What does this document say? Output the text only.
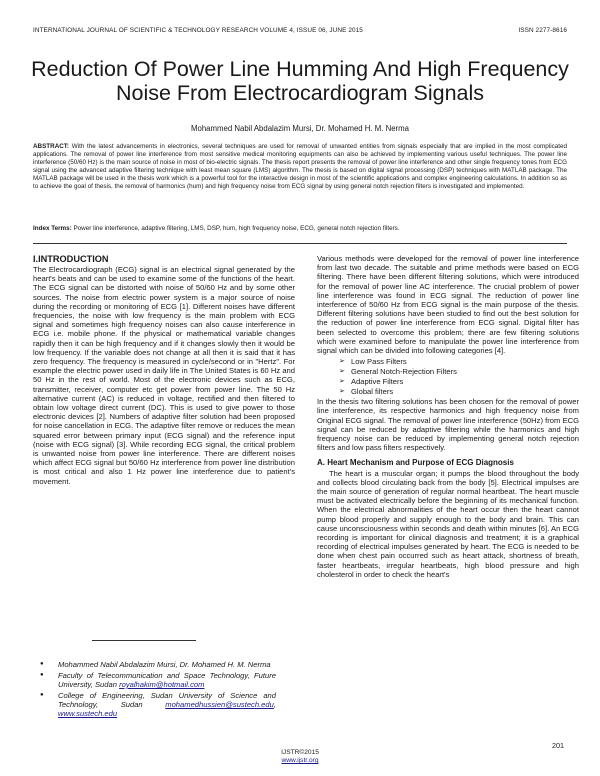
INTERNATIONAL JOURNAL OF SCIENTIFIC & TECHNOLOGY RESEARCH VOLUME 4, ISSUE 06, JUNE 2015	ISSN 2277-8616
Reduction Of Power Line Humming And High Frequency Noise From Electrocardiogram Signals
Mohammed Nabil Abdalazim Mursi, Dr. Mohamed H. M. Nerma
ABSTRACT: With the latest advancements in electronics, several techniques are used for removal of unwanted entities from signals especially that are implied in the most complicated applications. The removal of power line interference from most sensitive medical monitoring equipments can also be achieved by implementing various useful techniques. The power line interference (50/60 Hz) is the main source of noise in most of bio-electric signals. The thesis report presents the removal of power line interference and other single frequency tones from ECG signal using the advanced adaptive filtering technique with least mean square (LMS) algorithm. The thesis is based on digital signal processing (DSP) techniques with MATLAB package. The MATLAB package will be used in the thesis work which is a powerful tool for the interactive design in most of the scientific applications and complex engineering calculations. In addition so as to achieve the goal of thesis, the removal of harmonics (hum) and high frequency noise from ECG signal by using general notch rejection filters is investigated and implemented.
Index Terms: Power line interference, adaptive filtering, LMS, DSP, hum, high frequency noise, ECG, general notch rejection filters.
I.INTRODUCTION

The Electrocardiograph (ECG) signal is an electrical signal generated by the heart's beats and can be used to examine some of the functions of the heart. The ECG signal can be distorted with noise of 50/60 Hz and by some other sources. The noise from electric power system is a major source of noise during the recording or monitoring of ECG [1]. Different noises have different frequencies, the noise with low frequency is the main problem with ECG signal and sometimes high frequency noises can also cause interference in ECG i.e. mobile phone. If the physical or mathematical variable changes rapidly then it can be high frequency and if it changes slowly then it would be low frequency. If the variable does not change at all then it is said that it has zero frequency. The frequency is measured in cycle/second or in "Hertz". For example the electric power used in daily life in The United States is 60 Hz and 50 Hz in the rest of world. Most of the electronic devices such as ECG, transmitter, receiver, computer etc get power from power line. The 50 Hz alternative current (AC) is reduced in voltage, rectified and then filtered to obtain low voltage direct current (DC). This is used to give power to those electronic devices [2]. Numbers of adaptive filter solution had been proposed for noise cancellation in ECG. The adaptive filter remove or reduces the mean squared error between primary input (ECG signal) and the reference input (noise with ECG signal) [3]. While recording ECG signal, the critical problem is unwanted noise from power line interference. There are different noises which affect ECG signal but 50/60 Hz interference from power line distribution is most critical and also 1 Hz power line interference due to patient's movement.

Various methods were developed for the removal of power line interference from last two decade. The suitable and prime methods were based on ECG filtering. There have been different filtering solutions, which were introduced for the removal of power line AC interference. The crucial problem of power line interference was found in ECG signal. The reduction of power line interference of 50/60 Hz from ECG signal is the main purpose of the thesis. Different filtering solutions have been studied to find out the best solution for the reduction of power line interference from ECG signal. Digital filter has been selected to overcome this problem; there are few filtering solutions which were examined before to manipulate the power line interference from signal which can be divided into following categories [4].

➢ Low Pass Filters
➢ General Notch-Rejection Filters
➢ Adaptive Filters
➢ Global filters

In the thesis two filtering solutions has been chosen for the removal of power line interference, its respective harmonics and high frequency noise from Original ECG signal. The removal of power line interference (50Hz) from ECG signal can be reduced by adaptive filtering while the harmonics and high frequency noise can be reduced by implementing general notch rejection filters and low pass filters respectively.

A. Heart Mechanism and Purpose of ECG Diagnosis

The heart is a muscular organ; it pumps the blood throughout the body and collects blood circulating back from the body [5]. Electrical impulses are the main source of generation of regular normal heartbeat. The heart muscle must be activated electrically before the beginning of its mechanical function. When the electrical abnormalities of the heart occur then the heart cannot pump blood properly and supply enough to the body and brain. This can cause unconsciousness within seconds and death within minutes [6]. An ECG recording is important for clinical diagnosis and treatment; it is a graphical recording of electrical impulses generated by heart. The ECG is needed to be done when chest pain occurred such as heart attack, shortness of breath, faster heartbeats, irregular heartbeats, high blood pressure and high cholesterol in order to check the heart's

● Mohammed Nabil Abdalazim Mursi, Dr. Mohamed H. M. Nerma
● Faculty of Telecommunication and Space Technology, Future University, Sudan royalhakim@hotmail.com
● College of Engineering, Sudan University of Science and Technology, Sudan	mohamedhussien@sustech.edu, www.sustech.edu
201
IJSTR©2015
www.ijstr.org
